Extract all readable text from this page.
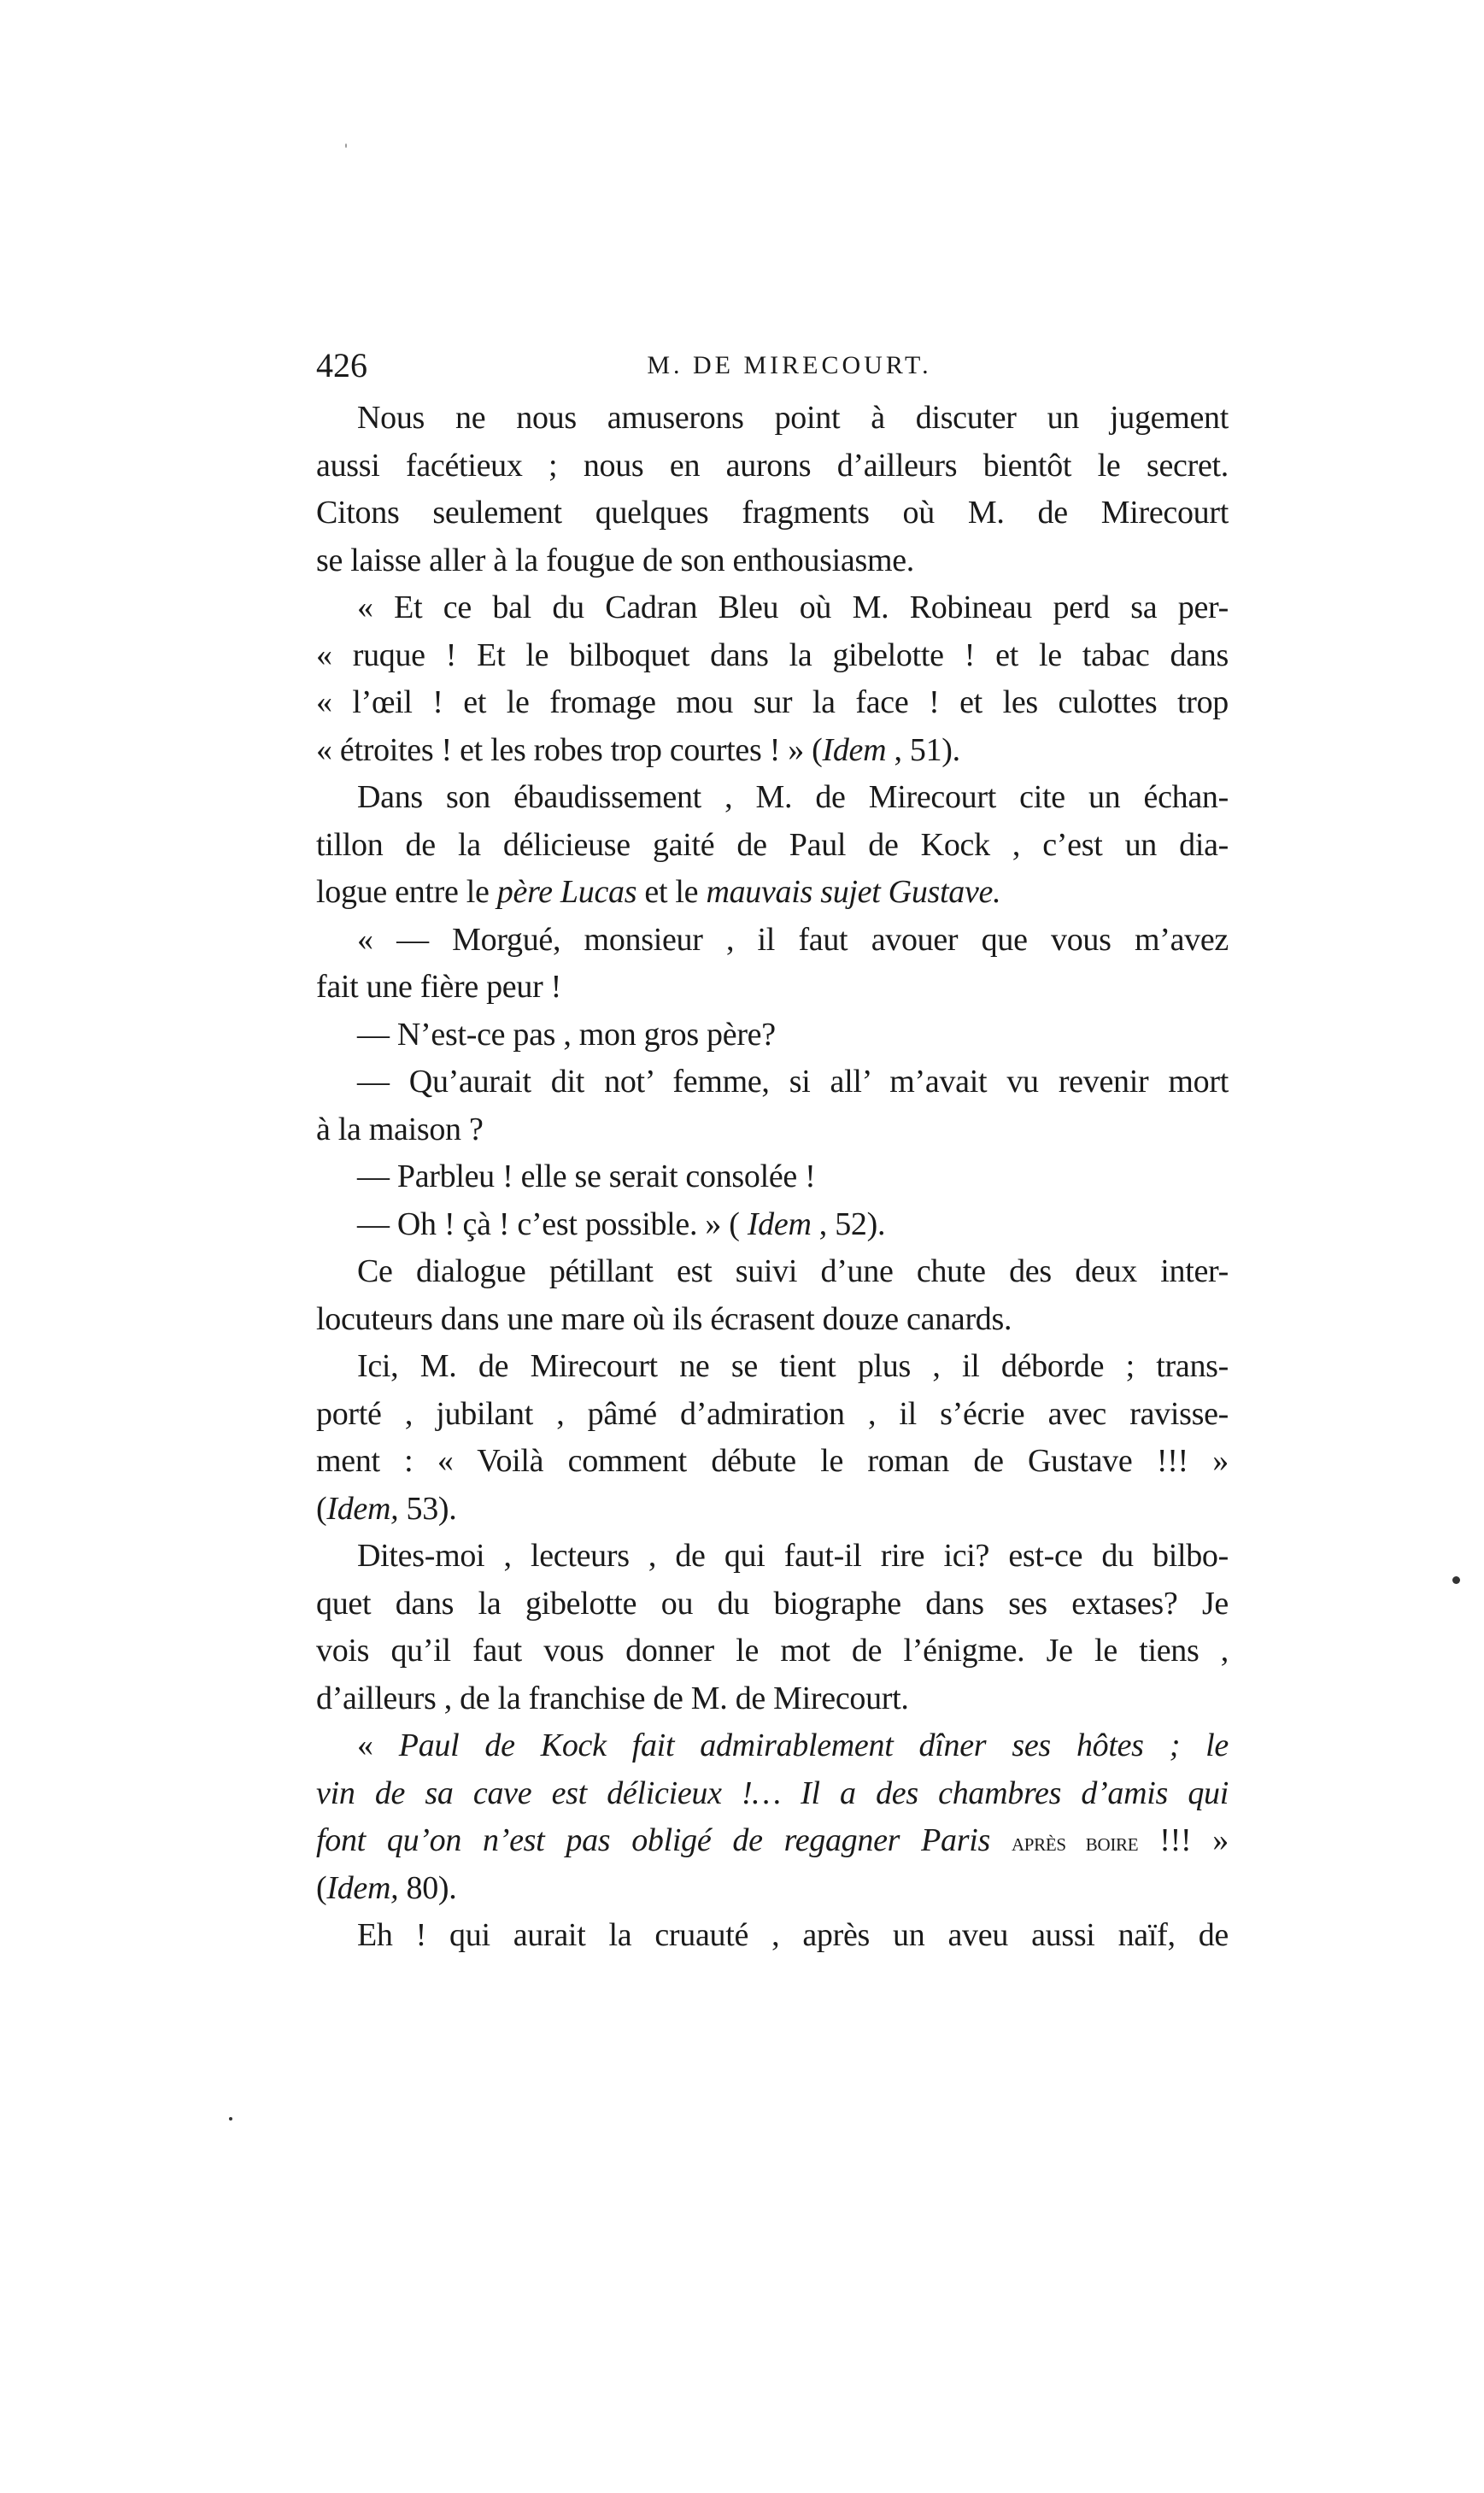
426	M. DE MIRECOURT.
Nous ne nous amuserons point à discuter un jugement
aussi facétieux ; nous en aurons d’ailleurs bientôt le secret.
Citons seulement quelques fragments où M. de Mirecourt
se laisse aller à la fougue de son enthousiasme.
« Et ce bal du Cadran Bleu où M. Robineau perd sa per-
« ruque ! Et le bilboquet dans la gibelotte ! et le tabac dans
« l’œil ! et le fromage mou sur la face ! et les culottes trop
« étroites ! et les robes trop courtes ! » (Idem , 51).
Dans son ébaudissement , M. de Mirecourt cite un échan-
tillon de la délicieuse gaité de Paul de Kock , c’est un dia-
logue entre le père Lucas et le mauvais sujet Gustave.
« — Morgué, monsieur , il faut avouer que vous m’avez
fait une fière peur !
— N’est-ce pas , mon gros père?
— Qu’aurait dit not’ femme, si all’ m’avait vu revenir mort
à la maison ?
— Parbleu ! elle se serait consolée !
— Oh ! çà ! c’est possible. » ( Idem , 52).
Ce dialogue pétillant est suivi d’une chute des deux inter-
locuteurs dans une mare où ils écrasent douze canards.
Ici, M. de Mirecourt ne se tient plus , il déborde ; trans-
porté , jubilant , pâmé d’admiration , il s’écrie avec ravisse-
ment : « Voilà comment débute le roman de Gustave !!! »
(Idem, 53).
Dites-moi , lecteurs , de qui faut-il rire ici? est-ce du bilbo-
quet dans la gibelotte ou du biographe dans ses extases? Je
vois qu’il faut vous donner le mot de l’énigme. Je le tiens ,
d’ailleurs , de la franchise de M. de Mirecourt.
« Paul de Kock fait admirablement dîner ses hôtes ; le
vin de sa cave est délicieux !… Il a des chambres d’amis qui
font qu’on n’est pas obligé de regagner Paris après boire !!! »
(Idem, 80).
Eh ! qui aurait la cruauté , après un aveu aussi naïf, de
